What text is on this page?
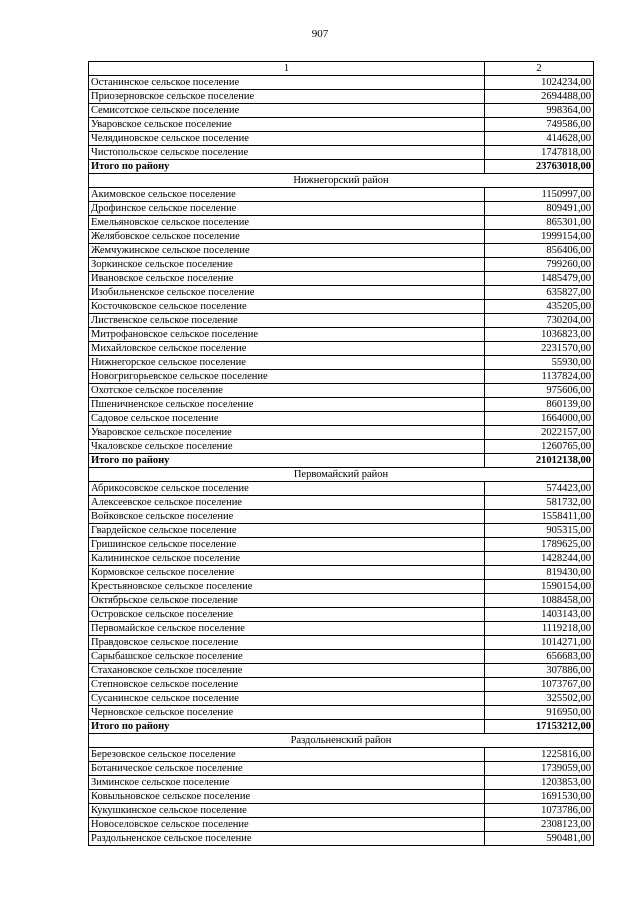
907
1	2
Останинское сельское поселение	1024234,00
Приозерновское сельское поселение	2694488,00
Семисотское сельское поселение	998364,00
Уваровское сельское поселение	749586,00
Челядиновское сельское поселение	414628,00
Чистопольское сельское поселение	1747818,00
Итого по району	23763018,00
Нижнегорский район	
Акимовское сельское поселение	1150997,00
Дрофинское сельское поселение	809491,00
Емельяновское сельское поселение	865301,00
Желябовское сельское поселение	1999154,00
Жемчужинское сельское поселение	856406,00
Зоркинское сельское поселение	799260,00
Ивановское сельское поселение	1485479,00
Изобильненское сельское поселение	635827,00
Косточковское сельское поселение	435205,00
Лиственское сельское поселение	730204,00
Митрофановское сельское поселение	1036823,00
Михайловское сельское поселение	2231570,00
Нижнегорское сельское поселение	55930,00
Новогригорьевское сельское поселение	1137824,00
Охотское сельское поселение	975606,00
Пшеничненское сельское поселение	860139,00
Садовое сельское поселение	1664000,00
Уваровское сельское поселение	2022157,00
Чкаловское сельское поселение	1260765,00
Итого по району	21012138,00
Первомайский район	
Абрикосовское сельское поселение	574423,00
Алексеевское сельское поселение	581732,00
Войковское сельское поселение	1558411,00
Гвардейское сельское поселение	905315,00
Гришинское сельское поселение	1789625,00
Калининское сельское поселение	1428244,00
Кормовское сельское поселение	819430,00
Крестьяновское сельское поселение	1590154,00
Октябрьское сельское поселение	1088458,00
Островское сельское поселение	1403143,00
Первомайское сельское поселение	1119218,00
Правдовское сельское поселение	1014271,00
Сарыбашское сельское поселение	656683,00
Стахановское сельское поселение	307886,00
Степновское сельское поселение	1073767,00
Сусанинское сельское поселение	325502,00
Черновское сельское поселение	916950,00
Итого по району	17153212,00
Раздольненский район	
Березовское сельское поселение	1225816,00
Ботаническое сельское поселение	1739059,00
Зиминское сельское поселение	1203853,00
Ковыльновское сельское поселение	1691530,00
Кукушкинское сельское поселение	1073786,00
Новоселовское сельское поселение	2308123,00
Раздольненское сельское поселение	590481,00
